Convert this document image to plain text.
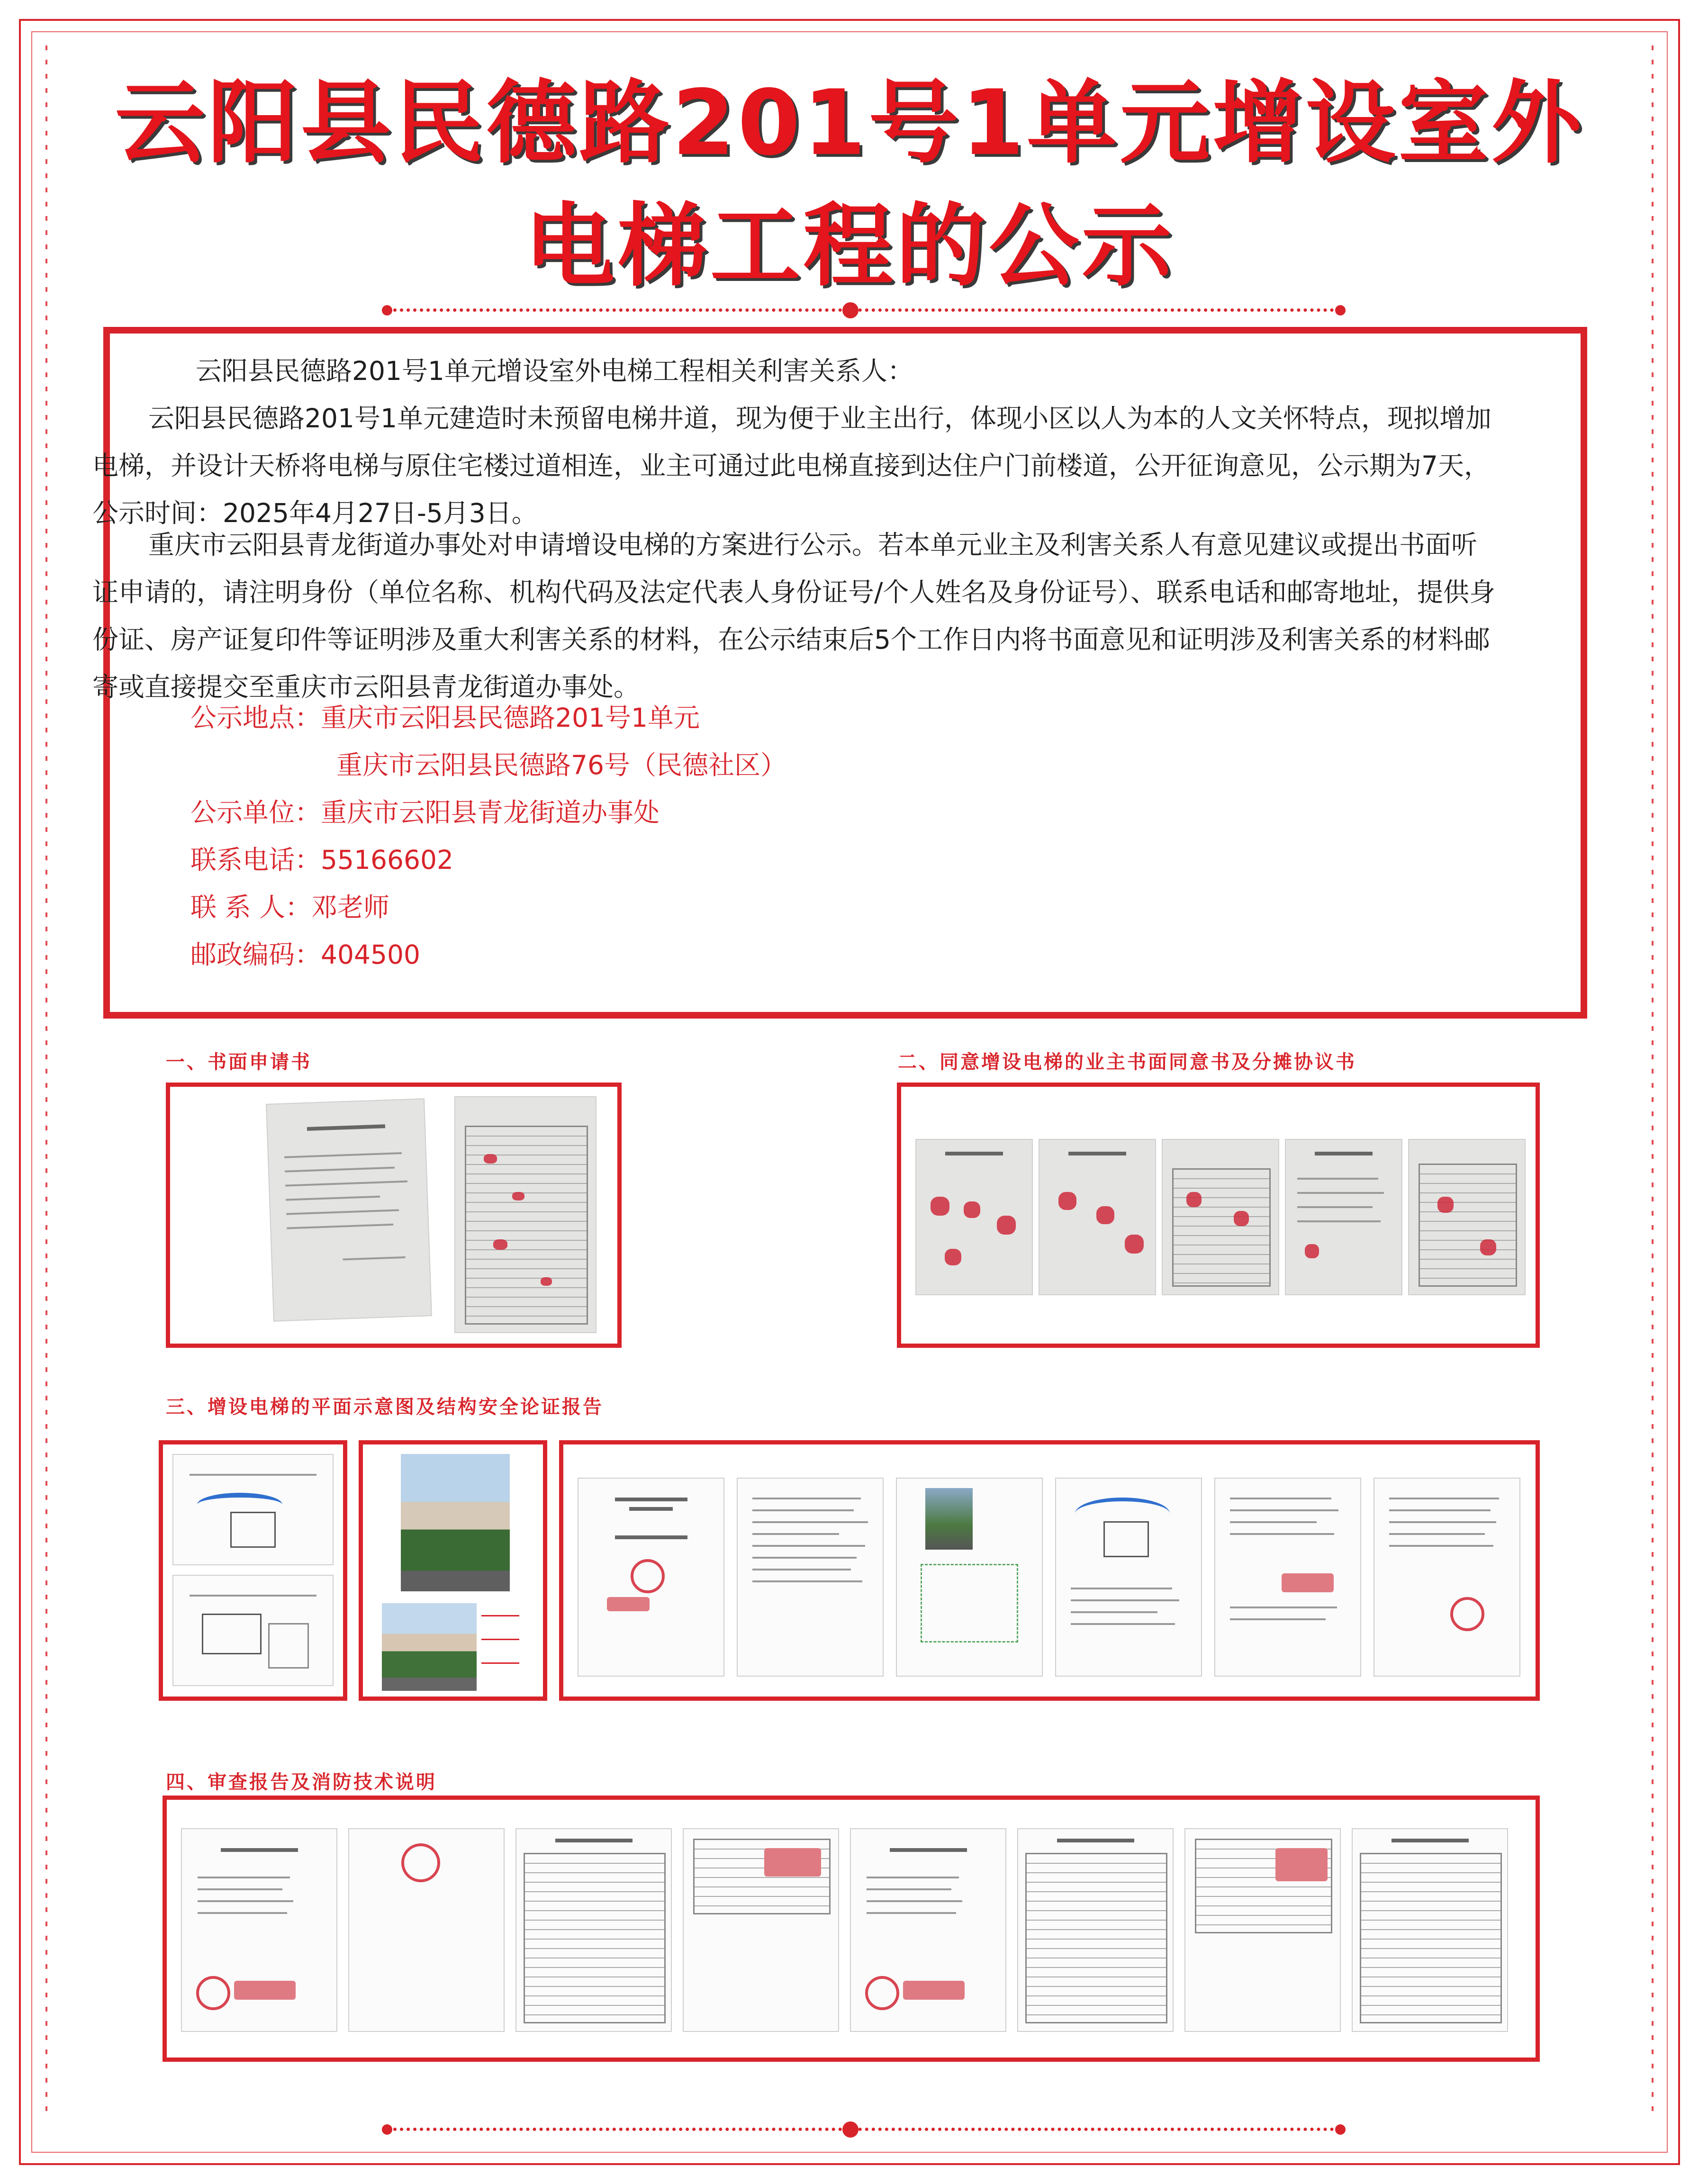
云阳县民德路201号1单元增设室外
电梯工程的公示
云阳县民德路201号1单元增设室外电梯工程相关利害关系人：
云阳县民德路201号1单元建造时未预留电梯井道，现为便于业主出行，体现小区以人为本的人文关怀特点，现拟增加电梯，并设计天桥将电梯与原住宅楼过道相连，业主可通过此电梯直接到达住户门前楼道，公开征询意见，公示期为7天，公示时间：2025年4月27日-5月3日。
重庆市云阳县青龙街道办事处对申请增设电梯的方案进行公示。若本单元业主及利害关系人有意见建议或提出书面听证申请的，请注明身份（单位名称、机构代码及法定代表人身份证号/个人姓名及身份证号）、联系电话和邮寄地址，提供身份证、房产证复印件等证明涉及重大利害关系的材料，在公示结束后5个工作日内将书面意见和证明涉及利害关系的材料邮寄或直接提交至重庆市云阳县青龙街道办事处。
公示地点：重庆市云阳县民德路201号1单元
重庆市云阳县民德路76号（民德社区）
公示单位：重庆市云阳县青龙街道办事处
联系电话：55166602
联 系 人：邓老师
邮政编码：404500
一、书面申请书	二、同意增设电梯的业主书面同意书及分摊协议书
三、增设电梯的平面示意图及结构安全论证报告
四、审查报告及消防技术说明
